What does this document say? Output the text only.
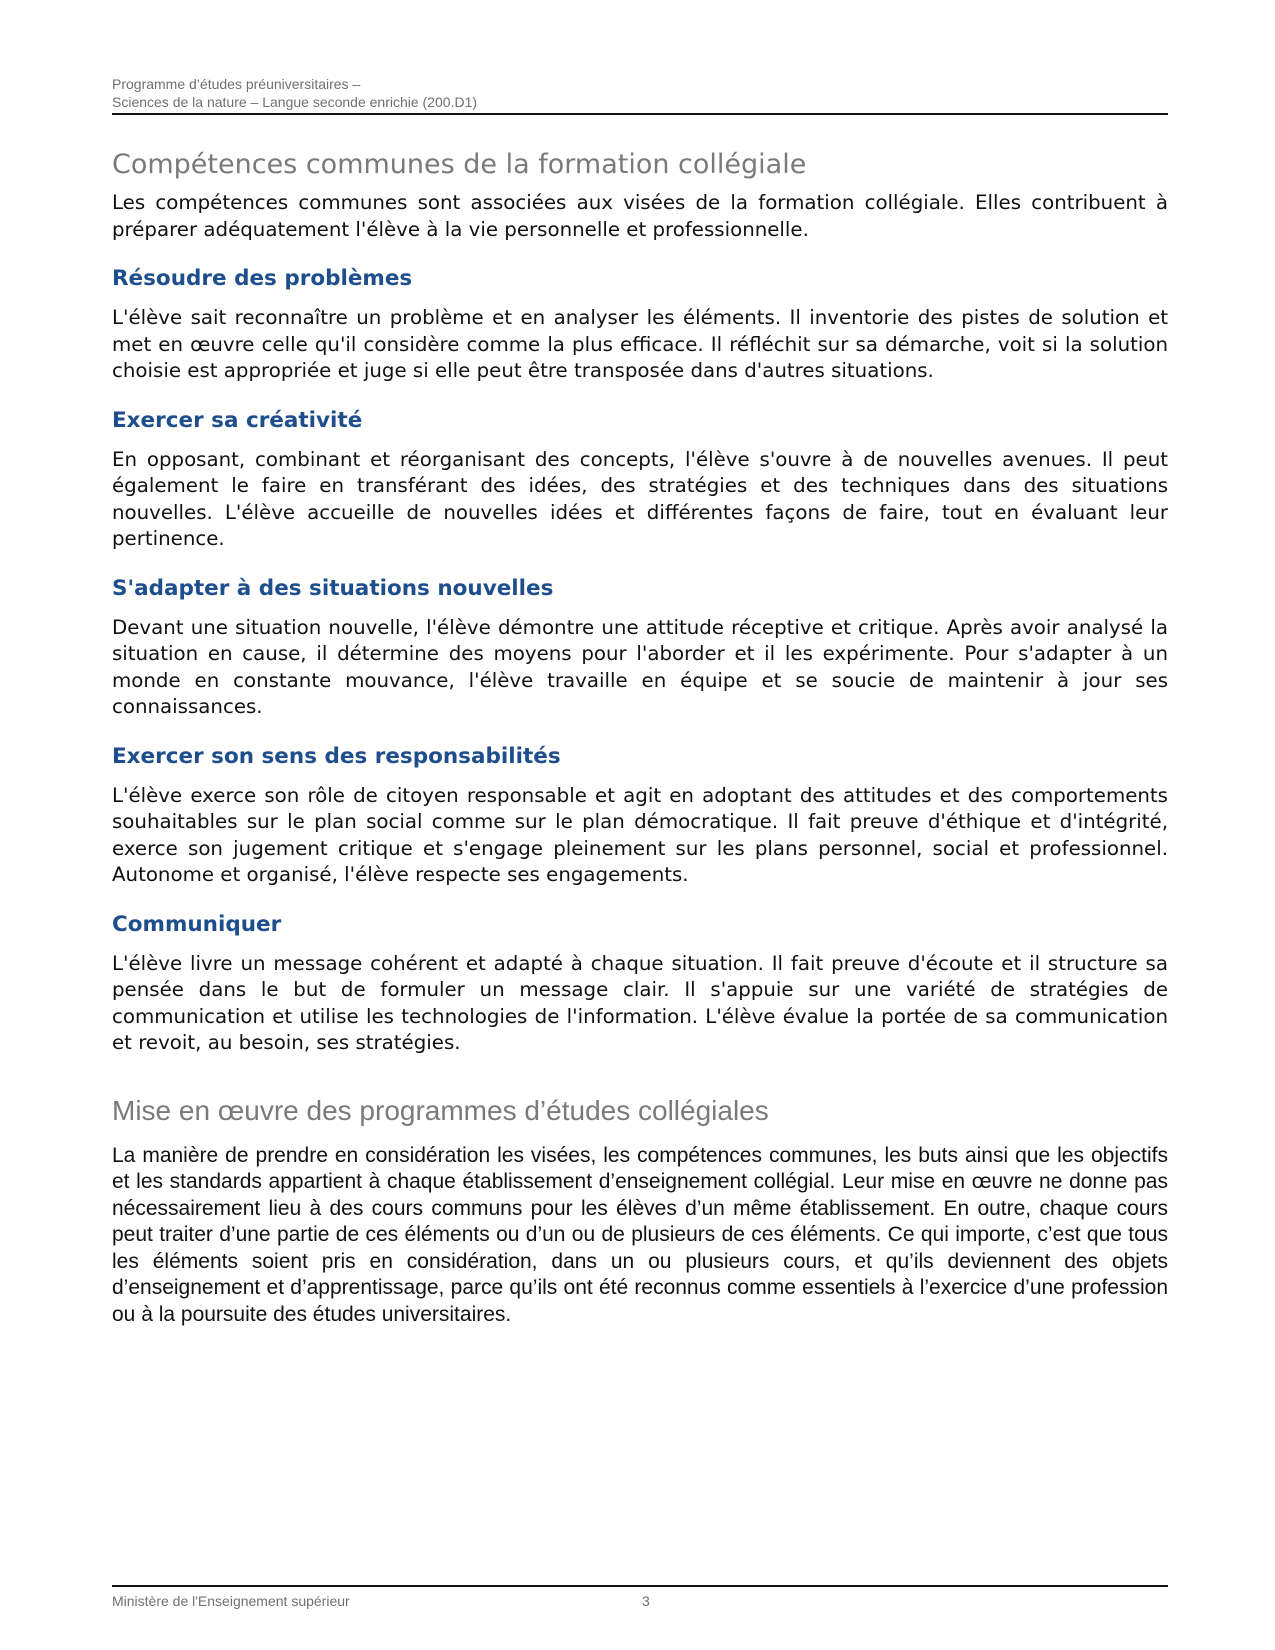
Programme d’études préuniversitaires –
Sciences de la nature – Langue seconde enrichie (200.D1)
Compétences communes de la formation collégiale

Les compétences communes sont associées aux visées de la formation collégiale. Elles contribuent à préparer adéquatement l'élève à la vie personnelle et professionnelle.

Résoudre des problèmes

L'élève sait reconnaître un problème et en analyser les éléments. Il inventorie des pistes de solution et met en œuvre celle qu'il considère comme la plus efficace. Il réfléchit sur sa démarche, voit si la solution choisie est appropriée et juge si elle peut être transposée dans d'autres situations.

Exercer sa créativité

En opposant, combinant et réorganisant des concepts, l'élève s'ouvre à de nouvelles avenues. Il peut également le faire en transférant des idées, des stratégies et des techniques dans des situations nouvelles. L'élève accueille de nouvelles idées et différentes façons de faire, tout en évaluant leur pertinence.

S'adapter à des situations nouvelles

Devant une situation nouvelle, l'élève démontre une attitude réceptive et critique. Après avoir analysé la situation en cause, il détermine des moyens pour l'aborder et il les expérimente. Pour s'adapter à un monde en constante mouvance, l'élève travaille en équipe et se soucie de maintenir à jour ses connaissances.

Exercer son sens des responsabilités

L'élève exerce son rôle de citoyen responsable et agit en adoptant des attitudes et des comportements souhaitables sur le plan social comme sur le plan démocratique. Il fait preuve d'éthique et d'intégrité, exerce son jugement critique et s'engage pleinement sur les plans personnel, social et professionnel. Autonome et organisé, l'élève respecte ses engagements.

Communiquer

L'élève livre un message cohérent et adapté à chaque situation. Il fait preuve d'écoute et il structure sa pensée dans le but de formuler un message clair. Il s'appuie sur une variété de stratégies de communication et utilise les technologies de l'information. L'élève évalue la portée de sa communication et revoit, au besoin, ses stratégies.

Mise en œuvre des programmes d’études collégiales

La manière de prendre en considération les visées, les compétences communes, les buts ainsi que les objectifs et les standards appartient à chaque établissement d’enseignement collégial. Leur mise en œuvre ne donne pas nécessairement lieu à des cours communs pour les élèves d’un même établissement. En outre, chaque cours peut traiter d’une partie de ces éléments ou d’un ou de plusieurs de ces éléments. Ce qui importe, c’est que tous les éléments soient pris en considération, dans un ou plusieurs cours, et qu’ils deviennent des objets d’enseignement et d’apprentissage, parce qu’ils ont été reconnus comme essentiels à l’exercice d’une profession ou à la poursuite des études universitaires.

Ministère de l'Enseignement supérieur	3
